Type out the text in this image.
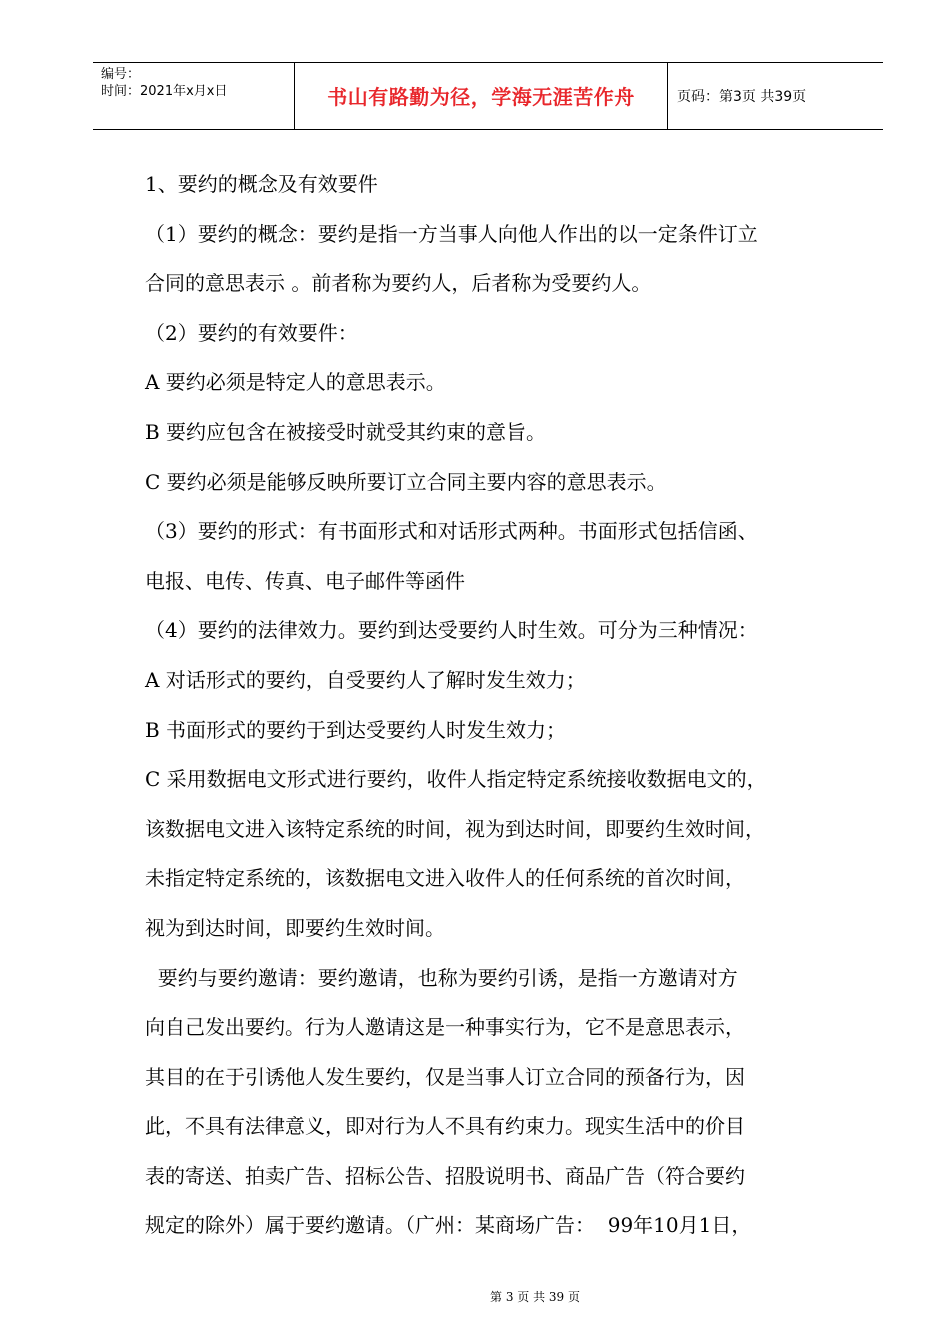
编号：
时间：2021年x月x日	书山有路勤为径，学海无涯苦作舟	页码：第3页 共39页
1、要约的概念及有效要件
（1）要约的概念：要约是指一方当事人向他人作出的以一定条件订立
合同的意思表示 。前者称为要约人，后者称为受要约人。
（2）要约的有效要件：
A 要约必须是特定人的意思表示。
B 要约应包含在被接受时就受其约束的意旨。
C 要约必须是能够反映所要订立合同主要内容的意思表示。
（3）要约的形式：有书面形式和对话形式两种。书面形式包括信函、
电报、电传、传真、电子邮件等函件
（4）要约的法律效力。要约到达受要约人时生效。可分为三种情况：
A 对话形式的要约，自受要约人了解时发生效力；
B 书面形式的要约于到达受要约人时发生效力；
C 采用数据电文形式进行要约，收件人指定特定系统接收数据电文的，
该数据电文进入该特定系统的时间，视为到达时间，即要约生效时间，
未指定特定系统的，该数据电文进入收件人的任何系统的首次时间，
视为到达时间，即要约生效时间。
要约与要约邀请：要约邀请，也称为要约引诱，是指一方邀请对方
向自己发出要约。行为人邀请这是一种事实行为，它不是意思表示，
其目的在于引诱他人发生要约，仅是当事人订立合同的预备行为，因
此，不具有法律意义，即对行为人不具有约束力。现实生活中的价目
表的寄送、拍卖广告、招标公告、招股说明书、商品广告（符合要约
规定的除外）属于要约邀请。（广州：某商场广告：  99年10月1日，
第 3 页 共 39 页
